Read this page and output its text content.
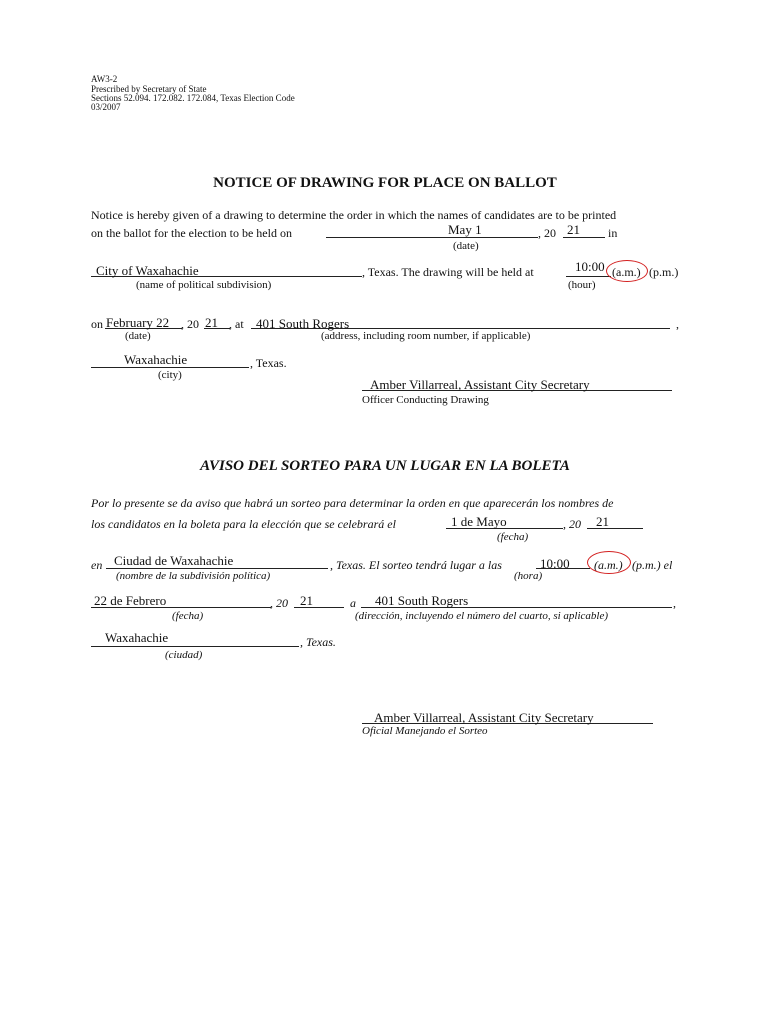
AW3-2
Prescribed by Secretary of State
Sections 52.094. 172.082. 172.084, Texas Election Code
03/2007
NOTICE OF DRAWING FOR PLACE ON BALLOT
Notice is hereby given of a drawing to determine the order in which the names of candidates are to be printed
on the ballot for the election to be held on	May 1	, 20 21 in
(date)
City of Waxahachie	, Texas. The drawing will be held at	10:00 (a.m.) (p.m.)
(name of political subdivision)	(hour)
on February 22 , 20 21 , at 401 South Rogers	,
(date)	(address, including room number, if applicable)
Waxahachie	, Texas.
(city)
Amber Villarreal, Assistant City Secretary
Officer Conducting Drawing
AVISO DEL SORTEO PARA UN LUGAR EN LA BOLETA
Por lo presente se da aviso que habrá un sorteo para determinar la orden en que aparecerán los nombres de
los candidatos en la boleta para la elección que se celebrará el	1 de Mayo	, 20 21
(fecha)
en Ciudad de Waxahachie	, Texas. El sorteo tendrá lugar a las	10:00 (a.m.) (p.m.) el
(nombre de la subdivisión política)	(hora)
22 de Febrero	, 20 21	a 401 South Rogers	,
(fecha)	(dirección, incluyendo el número del cuarto, si aplicable)
Waxahachie	, Texas.
(ciudad)
Amber Villarreal, Assistant City Secretary
Oficial Manejando el Sorteo
